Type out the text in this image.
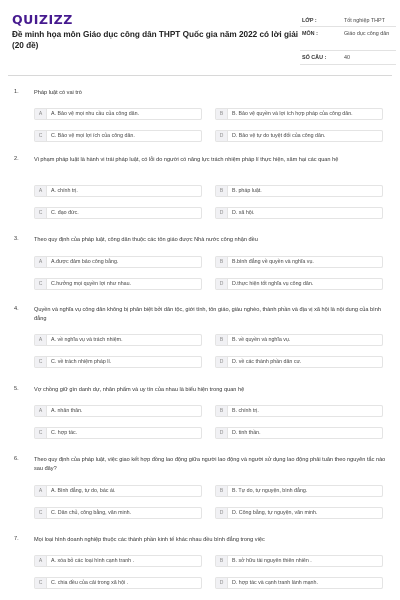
QUIZIZZ
Đề minh họa môn Giáo dục công dân THPT Quốc gia năm 2022 có lời giải (20 đề)
LỚP :	Tốt nghiệp THPT
MÔN :	Giáo dục công dân
SỐ CÂU :	40
1.	Pháp luật có vai trò
A	A. Bảo vệ mọi nhu cầu của công dân.	B	B. Bảo vệ quyền và lợi ích hợp pháp của công dân.
C	C. Bảo vệ mọi lợi ích của công dân.	D	D. Bảo vệ tự do tuyệt đối của công dân.
2.	Vi phạm pháp luật là hành vi trái pháp luật, có lỗi do người có năng lực trách nhiệm pháp lí thực hiện, xâm hại các quan hệ
A	A. chính trị.	B	B. pháp luật.
C	C. đạo đức.	D	D. xã hội.
3.	Theo quy định của pháp luật, công dân thuộc các tôn giáo được Nhà nước công nhận đều
A	A.được đảm bảo công bằng.	B	B.bình đẳng về quyền và nghĩa vụ.
C	C.hưởng mọi quyền lợi như nhau.	D	D.thực hiện tốt nghĩa vụ công dân.
4.	Quyền và nghĩa vụ công dân không bị phân biệt bởi dân tộc, giới tính, tôn giáo, giàu nghèo, thành phần và địa vị xã hội là nội dung của bình đẳng
A	A. về nghĩa vụ và trách nhiệm.	B	B. về quyền và nghĩa vụ.
C	C. về trách nhiệm pháp lí.	D	D. về các thành phần dân cư.
5.	Vợ chồng giữ gìn danh dự, nhân phẩm và uy tín của nhau là biểu hiện trong quan hệ
A	A. nhân thân.	B	B. chính trị.
C	C. hợp tác.	D	D. tinh thần.
6.	Theo quy định của pháp luật, việc giao kết hợp đồng lao động giữa người lao động và người sử dụng lao động phải tuân theo nguyên tắc nào sau đây?
A	A. Bình đẳng, tự do, bác ái.	B	B. Tự do, tự nguyện, bình đẳng.
C	C. Dân chủ, công bằng, văn minh.	D	D. Công bằng, tự nguyện, văn minh.
7.	Mọi loại hình doanh nghiệp thuộc các thành phần kinh tế khác nhau đều bình đẳng trong việc
A	A. xóa bỏ các loại hình cạnh tranh .	B	B. sở hữu tài nguyên thiên nhiên .
C	C. chia đều của cải trong xã hội .	D	D. hợp tác và cạnh tranh lành mạnh.
